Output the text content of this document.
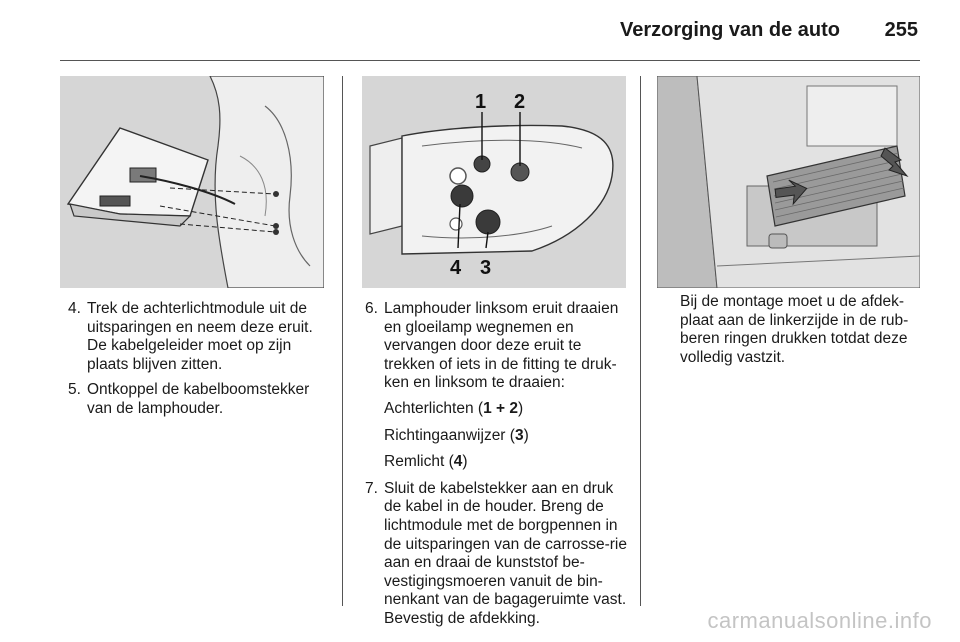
Verzorging van de auto 255
1 2
4 3
4. Trek de achterlichtmodule uit de uitsparingen en neem deze eruit. De kabelgeleider moet op zijn plaats blijven zitten.
5. Ontkoppel de kabelboomstekker van de lamphouder.
6. Lamphouder linksom eruit draaien en gloeilamp wegnemen en vervangen door deze eruit te trekken of iets in de fitting te druk-ken en linksom te draaien:
Achterlichten (1 + 2)
Richtingaanwijzer (3)
Remlicht (4)
7. Sluit de kabelstekker aan en druk de kabel in de houder. Breng de lichtmodule met de borgpennen in de uitsparingen van de carrosse-rie aan en draai de kunststof be-vestigingsmoeren vanuit de bin-nenkant van de bagageruimte vast. Bevestig de afdekking.

Bij de montage moet u de afdek-plaat aan de linkerzijde in de rub-beren ringen drukken totdat deze volledig vastzit.

carmanualsonline.info
